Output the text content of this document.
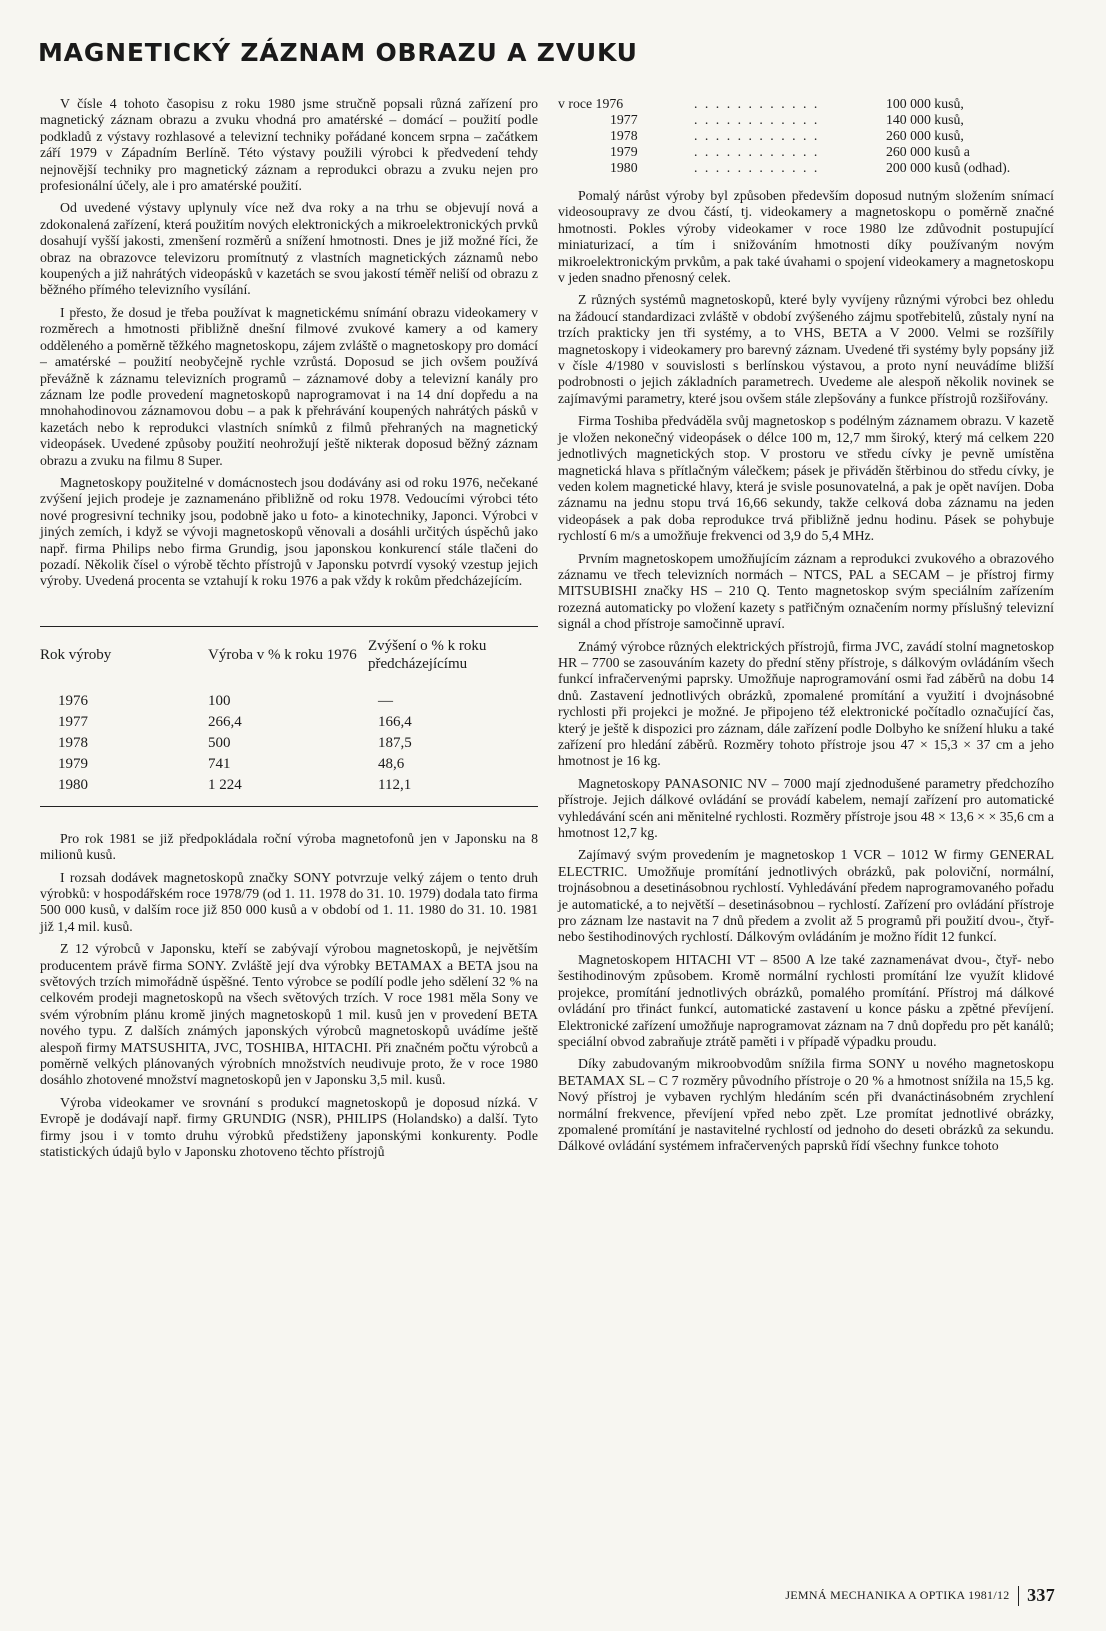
MAGNETICKÝ ZÁZNAM OBRAZU A ZVUKU

V čísle 4 tohoto časopisu z roku 1980 jsme stručně popsali různá zařízení pro magnetický záznam obrazu a zvuku vhodná pro amatérské – domácí – použití podle podkladů z výstavy rozhlasové a televizní techniky pořádané koncem srpna – začátkem září 1979 v Západním Berlíně. Této výstavy použili výrobci k předvedení tehdy nejnovější techniky pro magnetický záznam a reprodukci obrazu a zvuku nejen pro profesionální účely, ale i pro amatérské použití.

Od uvedené výstavy uplynuly více než dva roky a na trhu se objevují nová a zdokonalená zařízení, která použitím nových elektronických a mikroelektronických prvků dosahují vyšší jakosti, zmenšení rozměrů a snížení hmotnosti. Dnes je již možné říci, že obraz na obrazovce televizoru promítnutý z vlastních magnetických záznamů nebo koupených a již nahrátých videopásků v kazetách se svou jakostí téměř neliší od obrazu z běžného přímého televizního vysílání.

I přesto, že dosud je třeba používat k magnetickému snímání obrazu videokamery v rozměrech a hmotnosti přibližně dnešní filmové zvukové kamery a od kamery odděleného a poměrně těžkého magnetoskopu, zájem zvláště o magnetoskopy pro domácí – amatérské – použití neobyčejně rychle vzrůstá. Doposud se jich ovšem používá převážně k záznamu televizních programů – záznamové doby a televizní kanály pro záznam lze podle provedení magnetoskopů naprogramovat i na 14 dní dopředu a na mnohahodinovou záznamovou dobu – a pak k přehrávání koupených nahrátých pásků v kazetách nebo k reprodukci vlastních snímků z filmů přehraných na magnetický videopásek. Uvedené způsoby použití neohrožují ještě nikterak doposud běžný záznam obrazu a zvuku na filmu 8 Super.

Magnetoskopy použitelné v domácnostech jsou dodávány asi od roku 1976, nečekané zvýšení jejich prodeje je zaznamenáno přibližně od roku 1978. Vedoucími výrobci této nové progresivní techniky jsou, podobně jako u foto- a kinotechniky, Japonci. Výrobci v jiných zemích, i když se vývoji magnetoskopů věnovali a dosáhli určitých úspěchů jako např. firma Philips nebo firma Grundig, jsou japonskou konkurencí stále tlačeni do pozadí. Několik čísel o výrobě těchto přístrojů v Japonsku potvrdí vysoký vzestup jejich výroby. Uvedená procenta se vztahují k roku 1976 a pak vždy k rokům předcházejícím.

Rok výroby	Výroba v % k roku 1976	Zvýšení o % k roku předcházejícímu
1976	100	—
1977	266,4	166,4
1978	500	187,5
1979	741	48,6
1980	1 224	112,1

Pro rok 1981 se již předpokládala roční výroba magnetofonů jen v Japonsku na 8 milionů kusů.

I rozsah dodávek magnetoskopů značky SONY potvrzuje velký zájem o tento druh výrobků: v hospodářském roce 1978/79 (od 1. 11. 1978 do 31. 10. 1979) dodala tato firma 500 000 kusů, v dalším roce již 850 000 kusů a v období od 1. 11. 1980 do 31. 10. 1981 již 1,4 mil. kusů.

Z 12 výrobců v Japonsku, kteří se zabývají výrobou magnetoskopů, je největším producentem právě firma SONY. Zvláště její dva výrobky BETAMAX a BETA jsou na světových trzích mimořádně úspěšné. Tento výrobce se podílí podle jeho sdělení 32 % na celkovém prodeji magnetoskopů na všech světových trzích. V roce 1981 měla Sony ve svém výrobním plánu kromě jiných magnetoskopů 1 mil. kusů jen v provedení BETA nového typu. Z dalších známých japonských výrobců magnetoskopů uvádíme ještě alespoň firmy MATSUSHITA, JVC, TOSHIBA, HITACHI. Při značném počtu výrobců a poměrně velkých plánovaných výrobních množstvích neudivuje proto, že v roce 1980 dosáhlo zhotovené množství magnetoskopů jen v Japonsku 3,5 mil. kusů.

Výroba videokamer ve srovnání s produkcí magnetoskopů je doposud nízká. V Evropě je dodávají např. firmy GRUNDIG (NSR), PHILIPS (Holandsko) a další. Tyto firmy jsou i v tomto druhu výrobků předstiženy japonskými konkurenty. Podle statistických údajů bylo v Japonsku zhotoveno těchto přístrojů

v roce 1976	. . . . . . . . . . . .	100 000 kusů,
1977	. . . . . . . . . . . .	140 000 kusů,
1978	. . . . . . . . . . . .	260 000 kusů,
1979	. . . . . . . . . . . .	260 000 kusů a
1980	. . . . . . . . . . . .	200 000 kusů (odhad).

Pomalý nárůst výroby byl způsoben především doposud nutným složením snímací videosoupravy ze dvou částí, tj. videokamery a magnetoskopu o poměrně značné hmotnosti. Pokles výroby videokamer v roce 1980 lze zdůvodnit postupující miniaturizací, a tím i snižováním hmotnosti díky používaným novým mikroelektronickým prvkům, a pak také úvahami o spojení videokamery a magnetoskopu v jeden snadno přenosný celek.

Z různých systémů magnetoskopů, které byly vyvíjeny různými výrobci bez ohledu na žádoucí standardizaci zvláště v období zvýšeného zájmu spotřebitelů, zůstaly nyní na trzích prakticky jen tři systémy, a to VHS, BETA a V 2000. Velmi se rozšířily magnetoskopy i videokamery pro barevný záznam. Uvedené tři systémy byly popsány již v čísle 4/1980 v souvislosti s berlínskou výstavou, a proto nyní neuvádíme bližší podrobnosti o jejich základních parametrech. Uvedeme ale alespoň několik novinek se zajímavými parametry, které jsou ovšem stále zlepšovány a funkce přístrojů rozšiřovány.

Firma Toshiba předváděla svůj magnetoskop s podélným záznamem obrazu. V kazetě je vložen nekonečný videopásek o délce 100 m, 12,7 mm široký, který má celkem 220 jednotlivých magnetických stop. V prostoru ve středu cívky je pevně umístěna magnetická hlava s přítlačným válečkem; pásek je přiváděn štěrbinou do středu cívky, je veden kolem magnetické hlavy, která je svisle posunovatelná, a pak je opět navíjen. Doba záznamu na jednu stopu trvá 16,66 sekundy, takže celková doba záznamu na jeden videopásek a pak doba reprodukce trvá přibližně jednu hodinu. Pásek se pohybuje rychlostí 6 m/s a umožňuje frekvenci od 3,9 do 5,4 MHz.

Prvním magnetoskopem umožňujícím záznam a reprodukci zvukového a obrazového záznamu ve třech televizních normách – NTCS, PAL a SECAM – je přístroj firmy MITSUBISHI značky HS – 210 Q. Tento magnetoskop svým speciálním zařízením rozezná automaticky po vložení kazety s patřičným označením normy příslušný televizní signál a chod přístroje samočinně upraví.

Známý výrobce různých elektrických přístrojů, firma JVC, zavádí stolní magnetoskop HR – 7700 se zasouváním kazety do přední stěny přístroje, s dálkovým ovládáním všech funkcí infračervenými paprsky. Umožňuje naprogramování osmi řad záběrů na dobu 14 dnů. Zastavení jednotlivých obrázků, zpomalené promítání a využití i dvojnásobné rychlosti při projekci je možné. Je připojeno též elektronické počítadlo označující čas, který je ještě k dispozici pro záznam, dále zařízení podle Dolbyho ke snížení hluku a také zařízení pro hledání záběrů. Rozměry tohoto přístroje jsou 47 × 15,3 × 37 cm a jeho hmotnost je 16 kg.

Magnetoskopy PANASONIC NV – 7000 mají zjednodušené parametry předchozího přístroje. Jejich dálkové ovládání se provádí kabelem, nemají zařízení pro automatické vyhledávání scén ani měnitelné rychlosti. Rozměry přístroje jsou 48 × 13,6 × × 35,6 cm a hmotnost 12,7 kg.

Zajímavý svým provedením je magnetoskop 1 VCR – 1012 W firmy GENERAL ELECTRIC. Umožňuje promítání jednotlivých obrázků, pak poloviční, normální, trojnásobnou a desetinásobnou rychlostí. Vyhledávání předem naprogramovaného pořadu je automatické, a to největší – desetinásobnou – rychlostí. Zařízení pro ovládání přístroje pro záznam lze nastavit na 7 dnů předem a zvolit až 5 programů při použití dvou-, čtyř- nebo šestihodinových rychlostí. Dálkovým ovládáním je možno řídit 12 funkcí.

Magnetoskopem HITACHI VT – 8500 A lze také zaznamenávat dvou-, čtyř- nebo šestihodinovým způsobem. Kromě normální rychlosti promítání lze využít klidové projekce, promítání jednotlivých obrázků, pomalého promítání. Přístroj má dálkové ovládání pro třináct funkcí, automatické zastavení u konce pásku a zpětné převíjení. Elektronické zařízení umožňuje naprogramovat záznam na 7 dnů dopředu pro pět kanálů; speciální obvod zabraňuje ztrátě paměti i v případě výpadku proudu.

Díky zabudovaným mikroobvodům snížila firma SONY u nového magnetoskopu BETAMAX SL – C 7 rozměry původního přístroje o 20 % a hmotnost snížila na 15,5 kg. Nový přístroj je vybaven rychlým hledáním scén při dvanáctinásobném zrychlení normální frekvence, převíjení vpřed nebo zpět. Lze promítat jednotlivé obrázky, zpomalené promítání je nastavitelné rychlostí od jednoho do deseti obrázků za sekundu. Dálkové ovládání systémem infračervených paprsků řídí všechny funkce tohoto

JEMNÁ MECHANIKA A OPTIKA 1981/12 337
